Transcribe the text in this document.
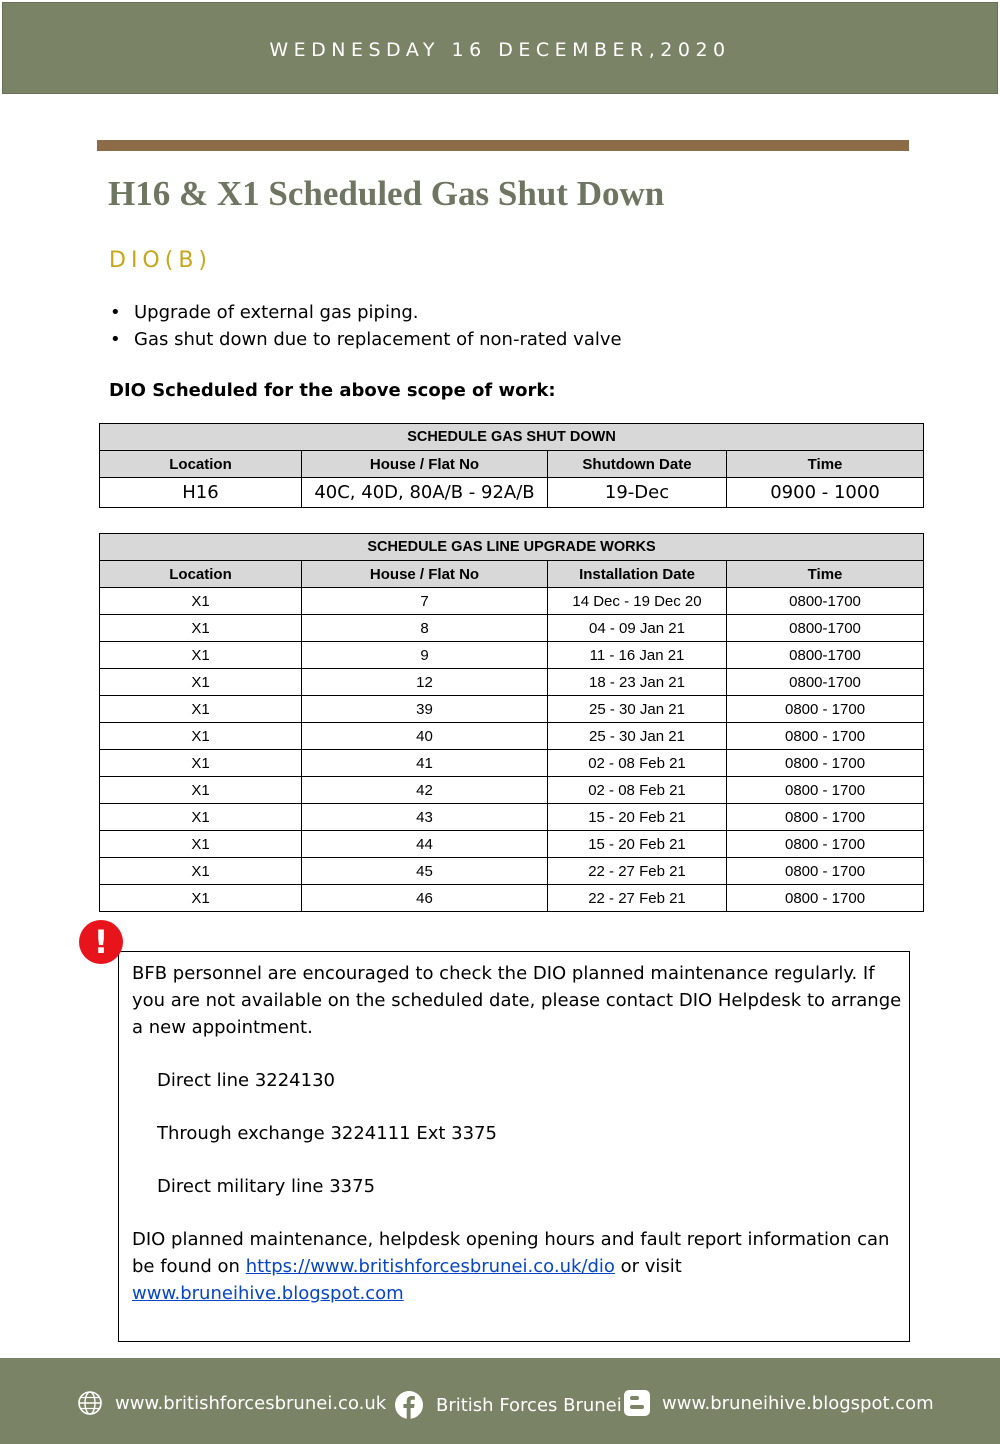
WEDNESDAY 16 DECEMBER,2020
H16 & X1 Scheduled Gas Shut Down
DIO(B)
• Upgrade of external gas piping.
• Gas shut down due to replacement of non-rated valve
DIO Scheduled for the above scope of work:
SCHEDULE GAS SHUT DOWN			
Location	House / Flat No	Shutdown Date	Time
H16	40C, 40D, 80A/B - 92A/B	19-Dec	0900 - 1000
SCHEDULE GAS LINE UPGRADE WORKS			
Location	House / Flat No	Installation Date	Time
X1	7	14 Dec - 19 Dec 20	0800-1700
X1	8	04 - 09 Jan 21	0800-1700
X1	9	11 - 16 Jan 21	0800-1700
X1	12	18 - 23 Jan 21	0800-1700
X1	39	25 - 30 Jan 21	0800 - 1700
X1	40	25 - 30 Jan 21	0800 - 1700
X1	41	02 - 08 Feb 21	0800 - 1700
X1	42	02 - 08 Feb 21	0800 - 1700
X1	43	15 - 20 Feb 21	0800 - 1700
X1	44	15 - 20 Feb 21	0800 - 1700
X1	45	22 - 27 Feb 21	0800 - 1700
X1	46	22 - 27 Feb 21	0800 - 1700

BFB personnel are encouraged to check the DIO planned maintenance regularly. If you are not available on the scheduled date, please contact DIO Helpdesk to arrange a new appointment.

Direct line 3224130

Through exchange 3224111 Ext 3375

Direct military line 3375

DIO planned maintenance, helpdesk opening hours and fault report information can be found on https://www.britishforcesbrunei.co.uk/dio or visit
www.bruneihive.blogspot.com

!
www.britishforcesbrunei.co.uk	British Forces Brunei www.bruneihive.blogspot.com
